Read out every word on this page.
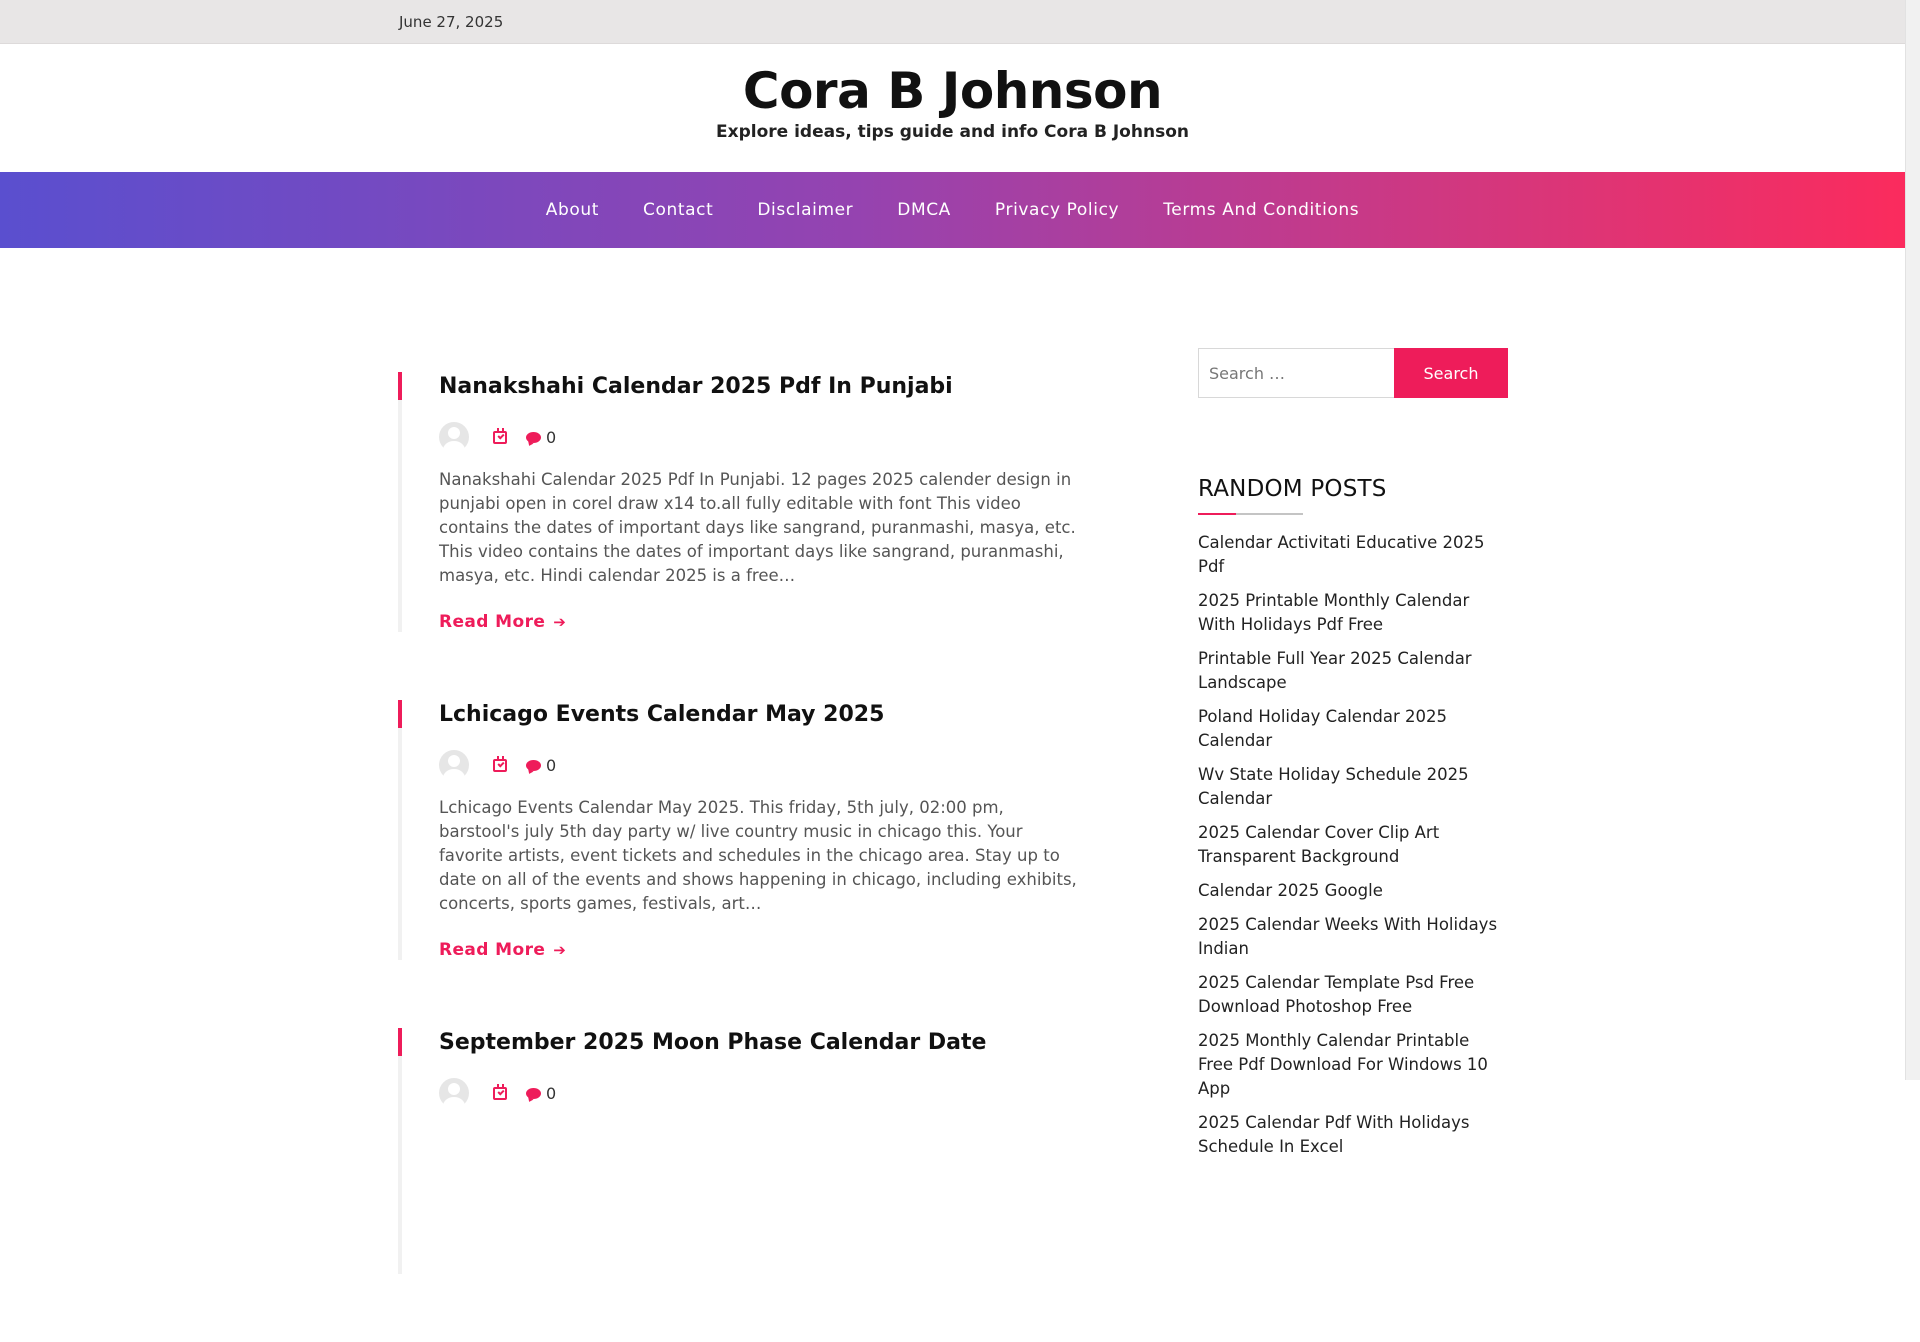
June 27, 2025
Cora B Johnson
Explore ideas, tips guide and info Cora B Johnson
About	Contact	Disclaimer	DMCA	Privacy Policy	Terms And Conditions
Nanakshahi Calendar 2025 Pdf In Punjabi
0

Nanakshahi Calendar 2025 Pdf In Punjabi. 12 pages 2025 calender design in punjabi open in corel draw x14 to.all fully editable with font This video contains the dates of important days like sangrand, puranmashi, masya, etc. This video contains the dates of important days like sangrand, puranmashi, masya, etc. Hindi calendar 2025 is a free…

Read More ➔
Lchicago Events Calendar May 2025
0

Lchicago Events Calendar May 2025. This friday, 5th july, 02:00 pm, barstool's july 5th day party w/ live country music in chicago this. Your favorite artists, event tickets and schedules in the chicago area. Stay up to date on all of the events and shows happening in chicago, including exhibits, concerts, sports games, festivals, art…

Read More ➔
September 2025 Moon Phase Calendar Date
0
Search …
Search
RANDOM POSTS
Calendar Activitati Educative 2025 Pdf
2025 Printable Monthly Calendar With Holidays Pdf Free
Printable Full Year 2025 Calendar Landscape
Poland Holiday Calendar 2025 Calendar
Wv State Holiday Schedule 2025 Calendar
2025 Calendar Cover Clip Art Transparent Background
Calendar 2025 Google
2025 Calendar Weeks With Holidays Indian
2025 Calendar Template Psd Free Download Photoshop Free
2025 Monthly Calendar Printable Free Pdf Download For Windows 10 App
2025 Calendar Pdf With Holidays Schedule In Excel
